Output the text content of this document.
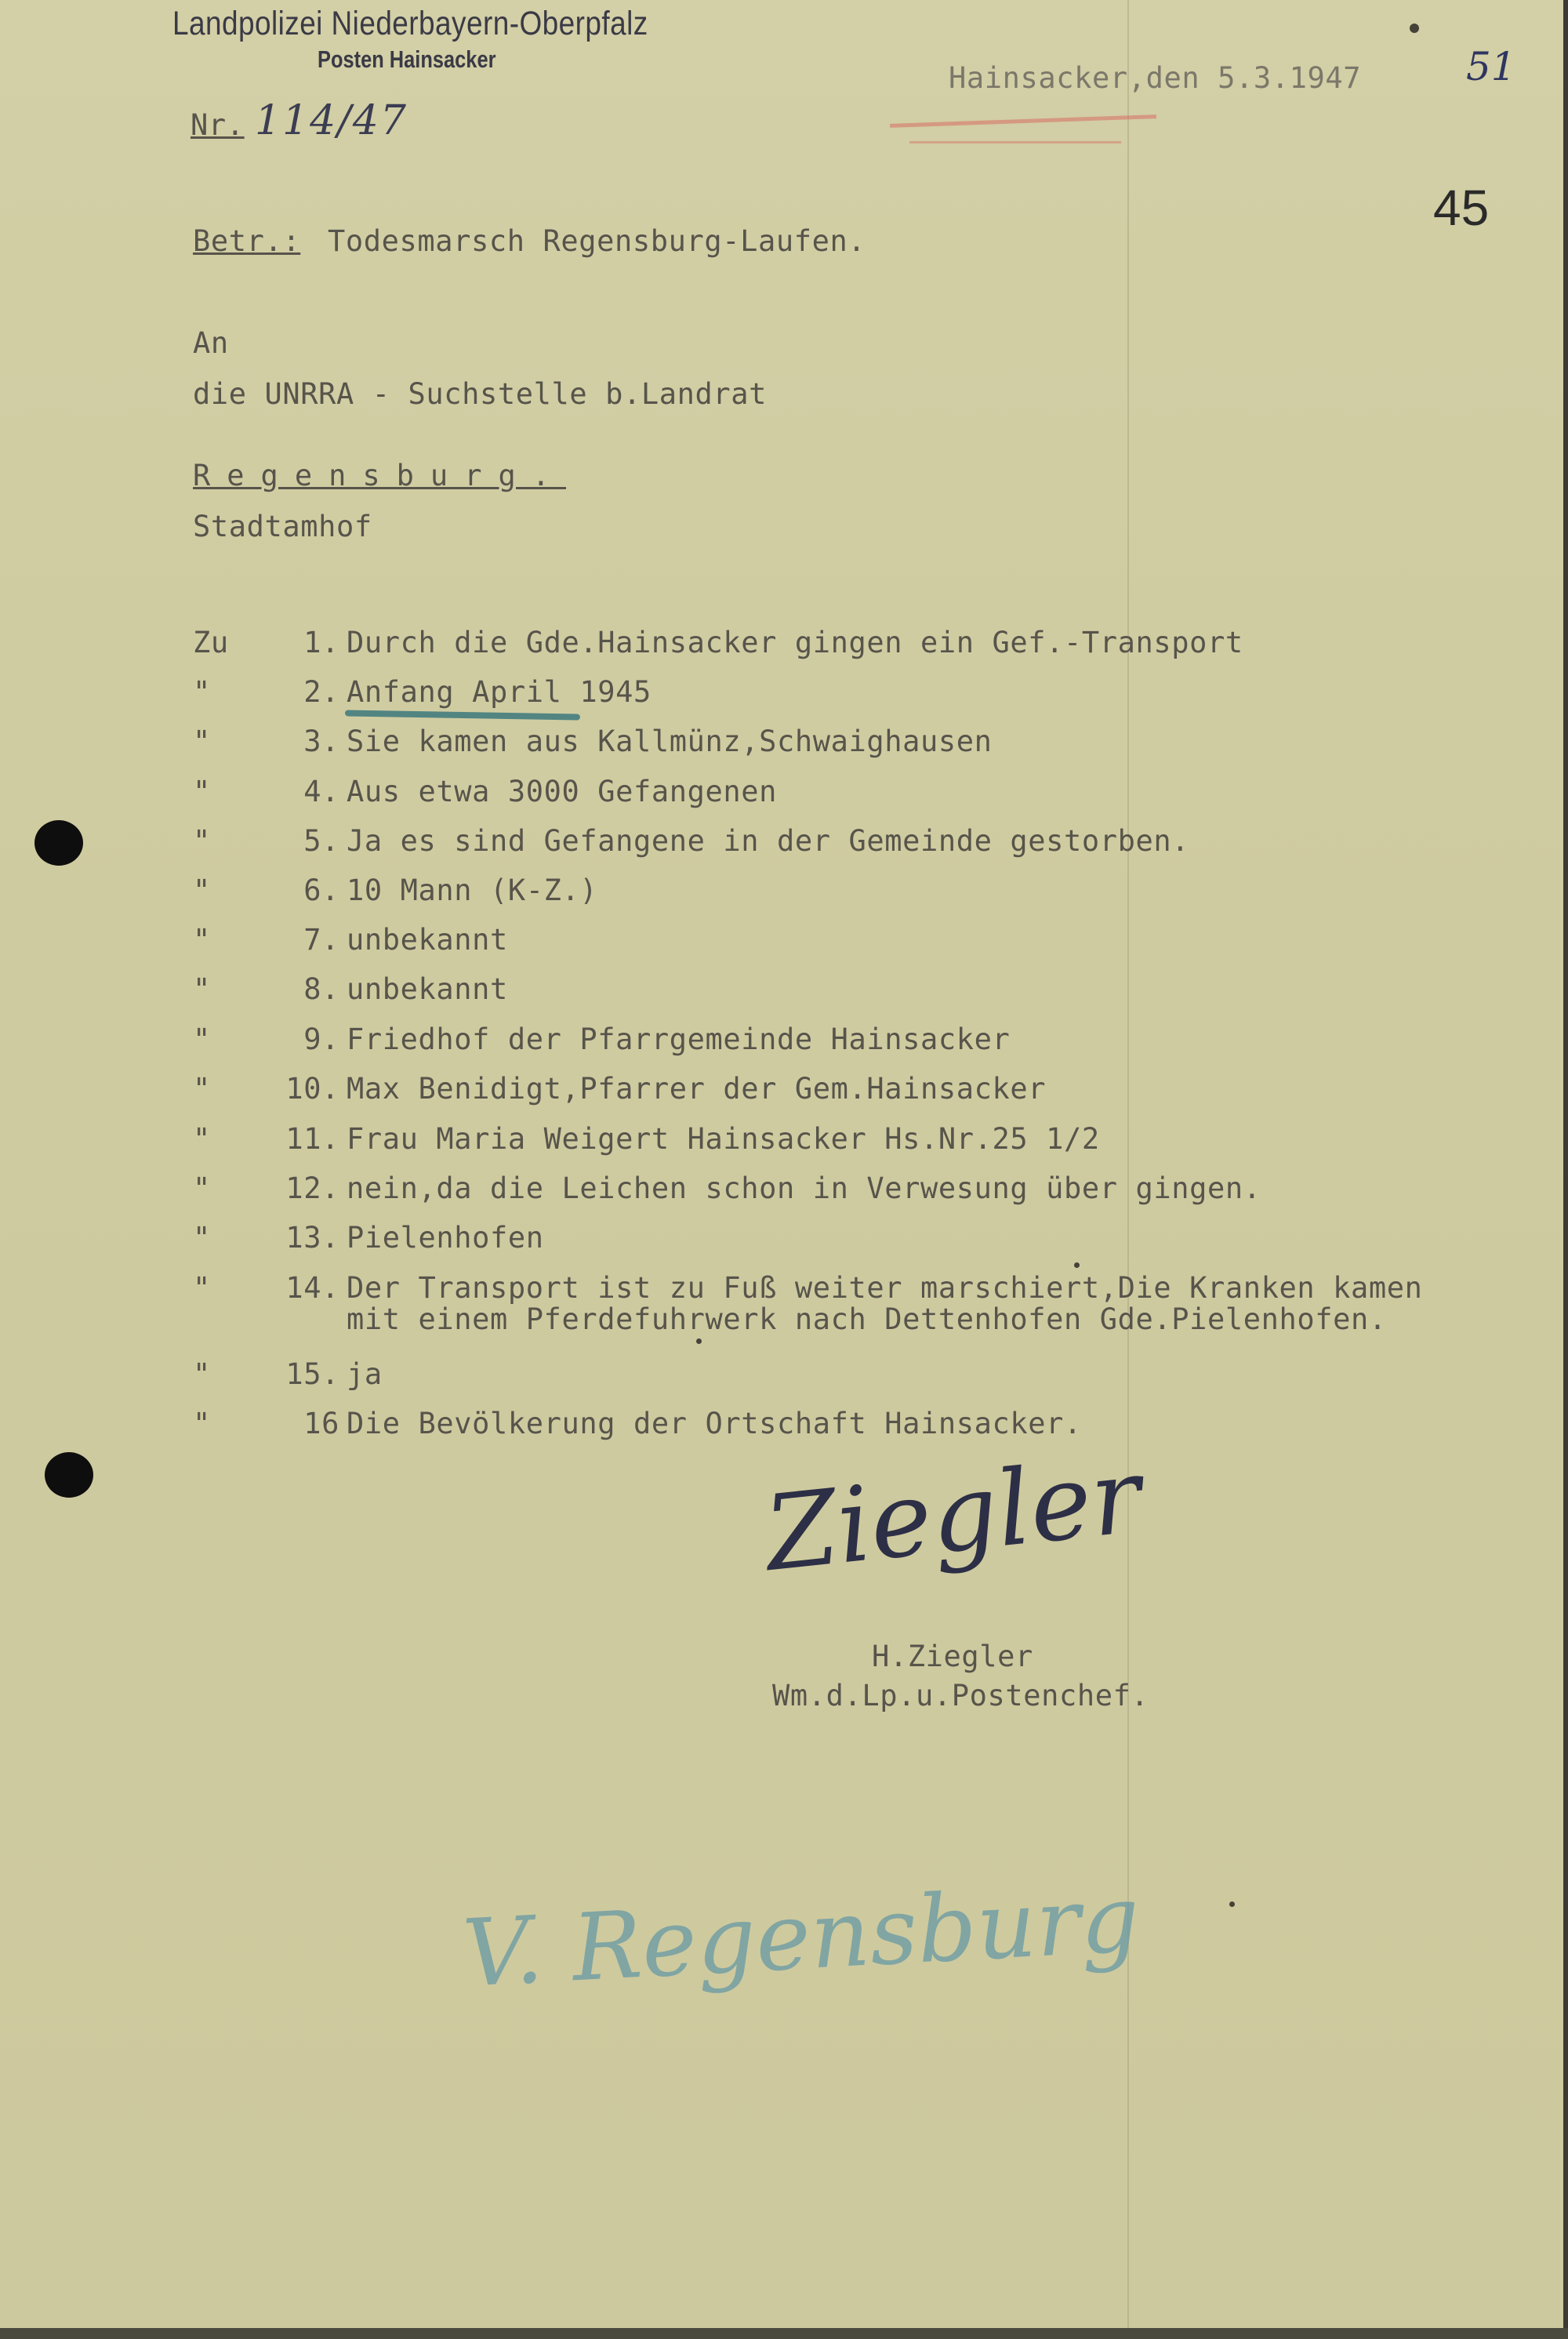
Landpolizei Niederbayern-Oberpfalz
Posten Hainsacker
Nr. 114/47
Hainsacker,den 5.3.1947	51
45
Betr.: Todesmarsch Regensburg-Laufen.
An
die UNRRA - Suchstelle b.Landrat
Regensburg.
Stadtamhof
Zu	1. Durch die Gde.Hainsacker gingen ein Gef.-Transport
"	2. Anfang April 1945
"	3. Sie kamen aus Kallmünz,Schwaighausen
"	4. Aus etwa 3000 Gefangenen
"	5. Ja es sind Gefangene in der Gemeinde gestorben.
"	6. 10 Mann (K-Z.)
"	7. unbekannt
"	8. unbekannt
"	9. Friedhof der Pfarrgemeinde Hainsacker
"	10. Max Benidigt,Pfarrer der Gem.Hainsacker
"	11. Frau Maria Weigert Hainsacker Hs.Nr.25 1/2
"	12. nein,da die Leichen schon in Verwesung über gingen.
"	13. Pielenhofen
"	14. Der Transport ist zu Fuß weiter marschiert,Die Kranken kamen
mit einem Pferdefuhrwerk nach Dettenhofen Gde.Pielenhofen.
"	15. ja
"	16 Die Bevölkerung der Ortschaft Hainsacker.
Ziegler
H.Ziegler
Wm.d.Lp.u.Postenchef.
V. Regensburg
